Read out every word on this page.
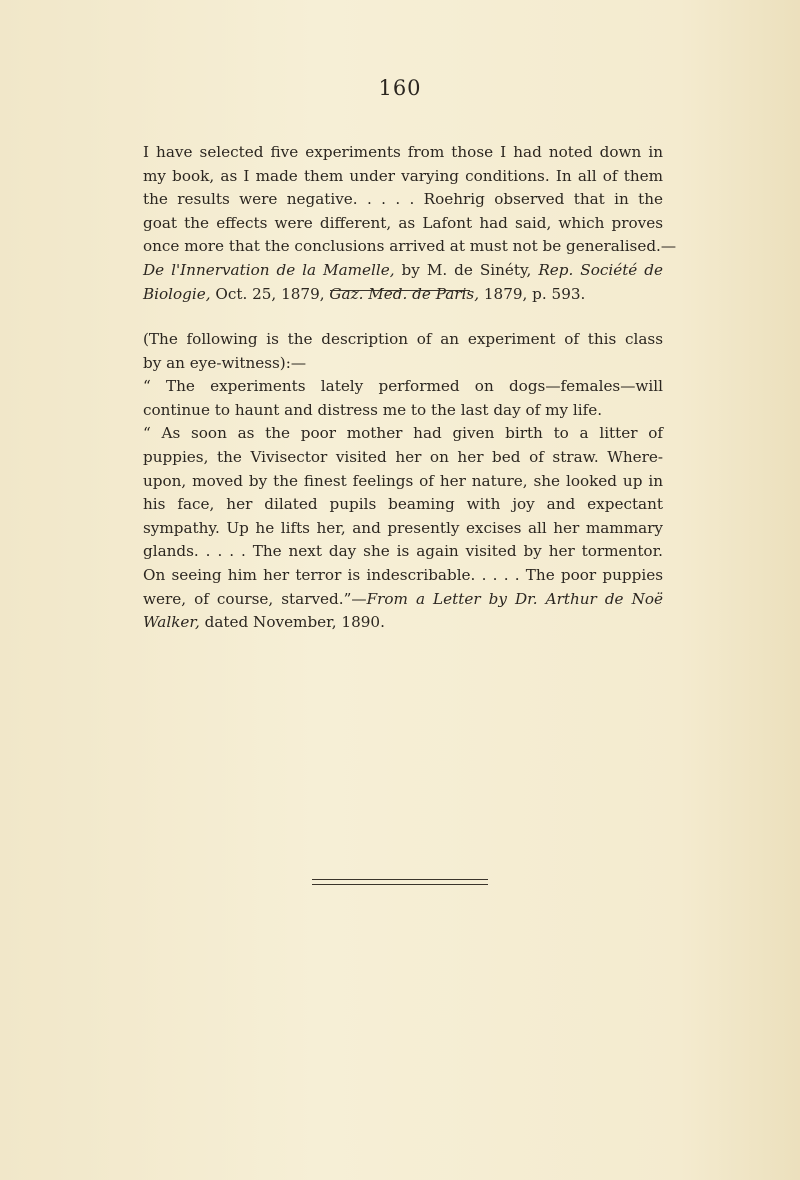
160
I have selected five experiments from those I had noted down in
my book, as I made them under varying conditions. In all of them
the results were negative. . . . . Roehrig observed that in the
goat the effects were different, as Lafont had said, which proves
once more that the conclusions arrived at must not be generalised.—
De l'Innervation de la Mamelle, by M. de Sinéty, Rep. Société de
Biologie, Oct. 25, 1879, Gaz. Med. de Paris, 1879, p. 593.
(The following is the description of an experiment of this class
by an eye-witness):—
“ The experiments lately performed on dogs—females—will
continue to haunt and distress me to the last day of my life.
“ As soon as the poor mother had given birth to a litter of
puppies, the Vivisector visited her on her bed of straw. Where-
upon, moved by the finest feelings of her nature, she looked up in
his face, her dilated pupils beaming with joy and expectant
sympathy. Up he lifts her, and presently excises all her mammary
glands. . . . . The next day she is again visited by her tormentor.
On seeing him her terror is indescribable. . . . . The poor puppies
were, of course, starved.”—From a Letter by Dr. Arthur de Noë
Walker, dated November, 1890.
